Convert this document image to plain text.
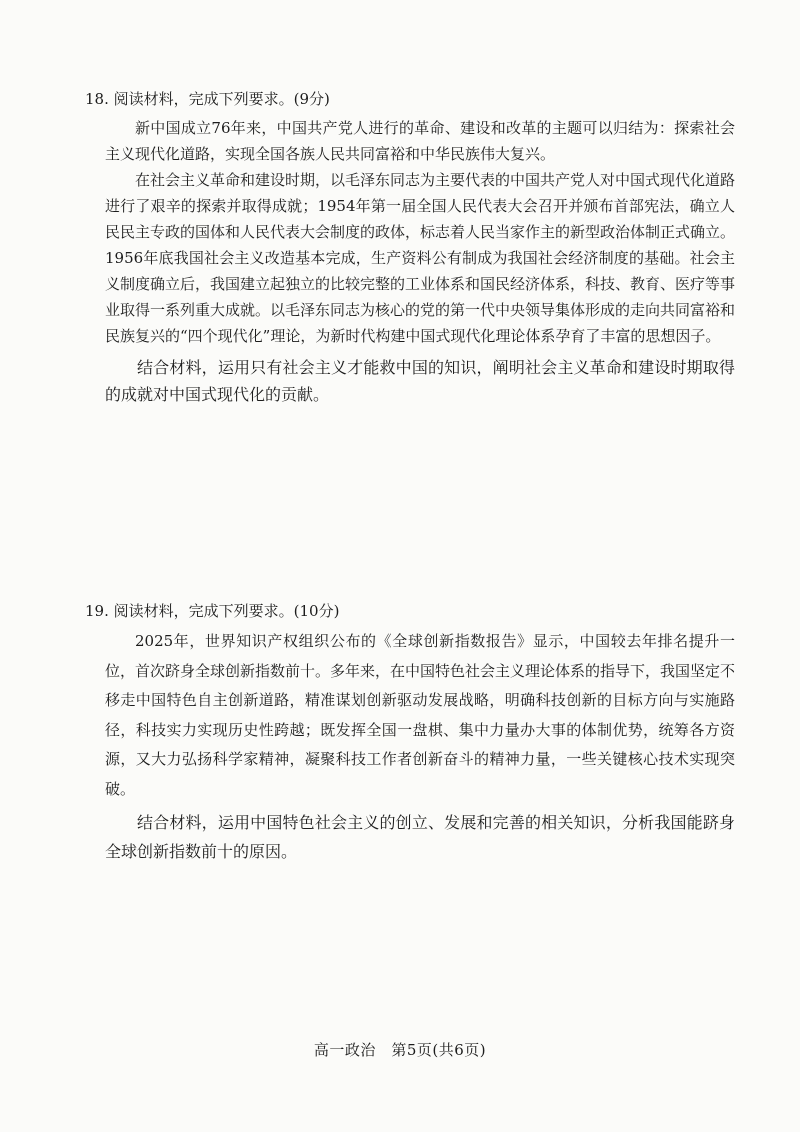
18. 阅读材料，完成下列要求。(9分)

新中国成立76年来，中国共产党人进行的革命、建设和改革的主题可以归结为：探索社会主义现代化道路，实现全国各族人民共同富裕和中华民族伟大复兴。

在社会主义革命和建设时期，以毛泽东同志为主要代表的中国共产党人对中国式现代化道路进行了艰辛的探索并取得成就；1954年第一届全国人民代表大会召开并颁布首部宪法，确立人民民主专政的国体和人民代表大会制度的政体，标志着人民当家作主的新型政治体制正式确立。1956年底我国社会主义改造基本完成，生产资料公有制成为我国社会经济制度的基础。社会主义制度确立后，我国建立起独立的比较完整的工业体系和国民经济体系，科技、教育、医疗等事业取得一系列重大成就。以毛泽东同志为核心的党的第一代中央领导集体形成的走向共同富裕和民族复兴的“四个现代化”理论，为新时代构建中国式现代化理论体系孕育了丰富的思想因子。

结合材料，运用只有社会主义才能救中国的知识，阐明社会主义革命和建设时期取得的成就对中国式现代化的贡献。

19. 阅读材料，完成下列要求。(10分)

2025年，世界知识产权组织公布的《全球创新指数报告》显示，中国较去年排名提升一位，首次跻身全球创新指数前十。多年来，在中国特色社会主义理论体系的指导下，我国坚定不移走中国特色自主创新道路，精准谋划创新驱动发展战略，明确科技创新的目标方向与实施路径，科技实力实现历史性跨越；既发挥全国一盘棋、集中力量办大事的体制优势，统筹各方资源，又大力弘扬科学家精神，凝聚科技工作者创新奋斗的精神力量，一些关键核心技术实现突破。

结合材料，运用中国特色社会主义的创立、发展和完善的相关知识，分析我国能跻身全球创新指数前十的原因。

高一政治　第5页(共6页)
